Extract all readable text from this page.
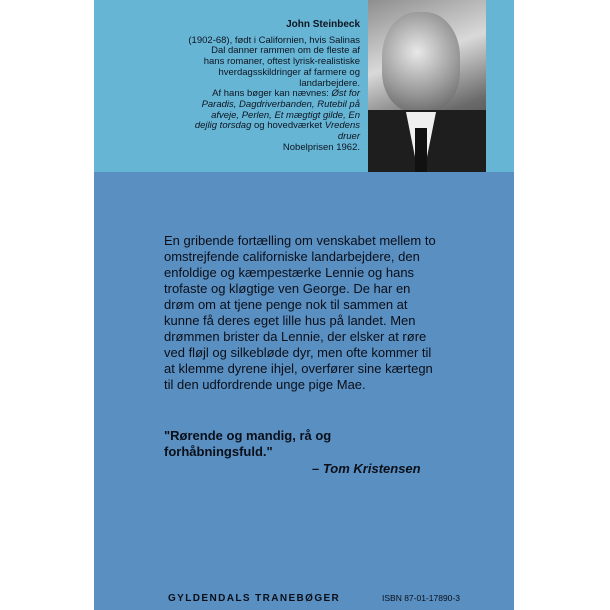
John Steinbeck

(1902-68), født i Californien, hvis Salinas Dal danner rammen om de fleste af hans romaner, oftest lyrisk-realistiske hverdagsskildringer af farmere og landarbejdere.

Af hans bøger kan nævnes: Øst for Paradis, Dagdriverbanden, Rutebil på afveje, Perlen, Et mægtigt gilde, En dejlig torsdag og hovedværket Vredens druer

Nobelprisen 1962.

En gribende fortælling om venskabet mellem to omstrejfende californiske landarbejdere, den enfoldige og kæmpestærke Lennie og hans trofaste og kløgtige ven George. De har en drøm om at tjene penge nok til sammen at kunne få deres eget lille hus på landet. Men drømmen brister da Lennie, der elsker at røre ved fløjl og silkebløde dyr, men ofte kommer til at klemme dyrene ihjel, overfører sine kærtegn til den udfordrende unge pige Mae.
"Rørende og mandig, rå og forhåbningsfuld."
– Tom Kristensen
GYLDENDALS TRANEBØGER	ISBN 87-01-17890-3
